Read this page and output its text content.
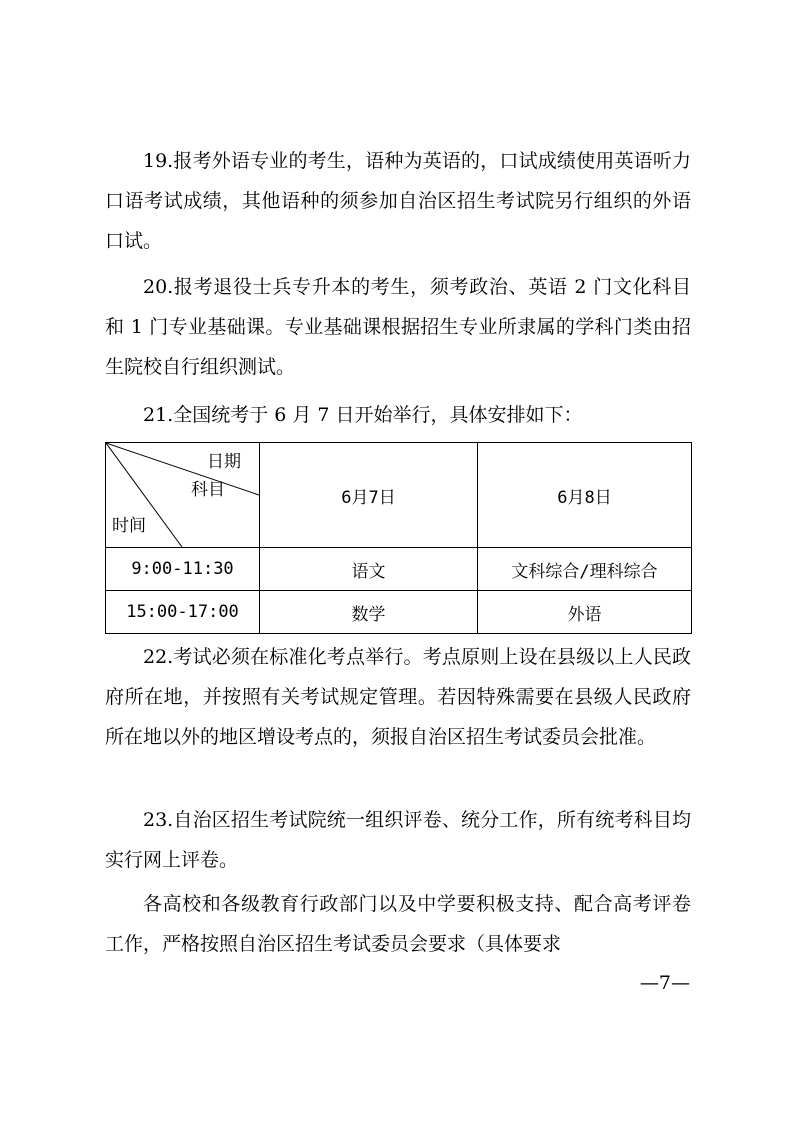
19.报考外语专业的考生，语种为英语的，口试成绩使用英语听力口语考试成绩，其他语种的须参加自治区招生考试院另行组织的外语口试。

20.报考退役士兵专升本的考生，须考政治、英语 2 门文化科目和 1 门专业基础课。专业基础课根据招生专业所隶属的学科门类由招生院校自行组织测试。

21.全国统考于 6 月 7 日开始举行，具体安排如下：

日期
科目
时间	6月7日	6月8日
9:00-11:30	语文	文科综合/理科综合
15:00-17:00	数学	外语

22.考试必须在标准化考点举行。考点原则上设在县级以上人民政府所在地，并按照有关考试规定管理。若因特殊需要在县级人民政府所在地以外的地区增设考点的，须报自治区招生考试委员会批准。

23.自治区招生考试院统一组织评卷、统分工作，所有统考科目均实行网上评卷。

各高校和各级教育行政部门以及中学要积极支持、配合高考评卷工作，严格按照自治区招生考试委员会要求（具体要求

—7—
